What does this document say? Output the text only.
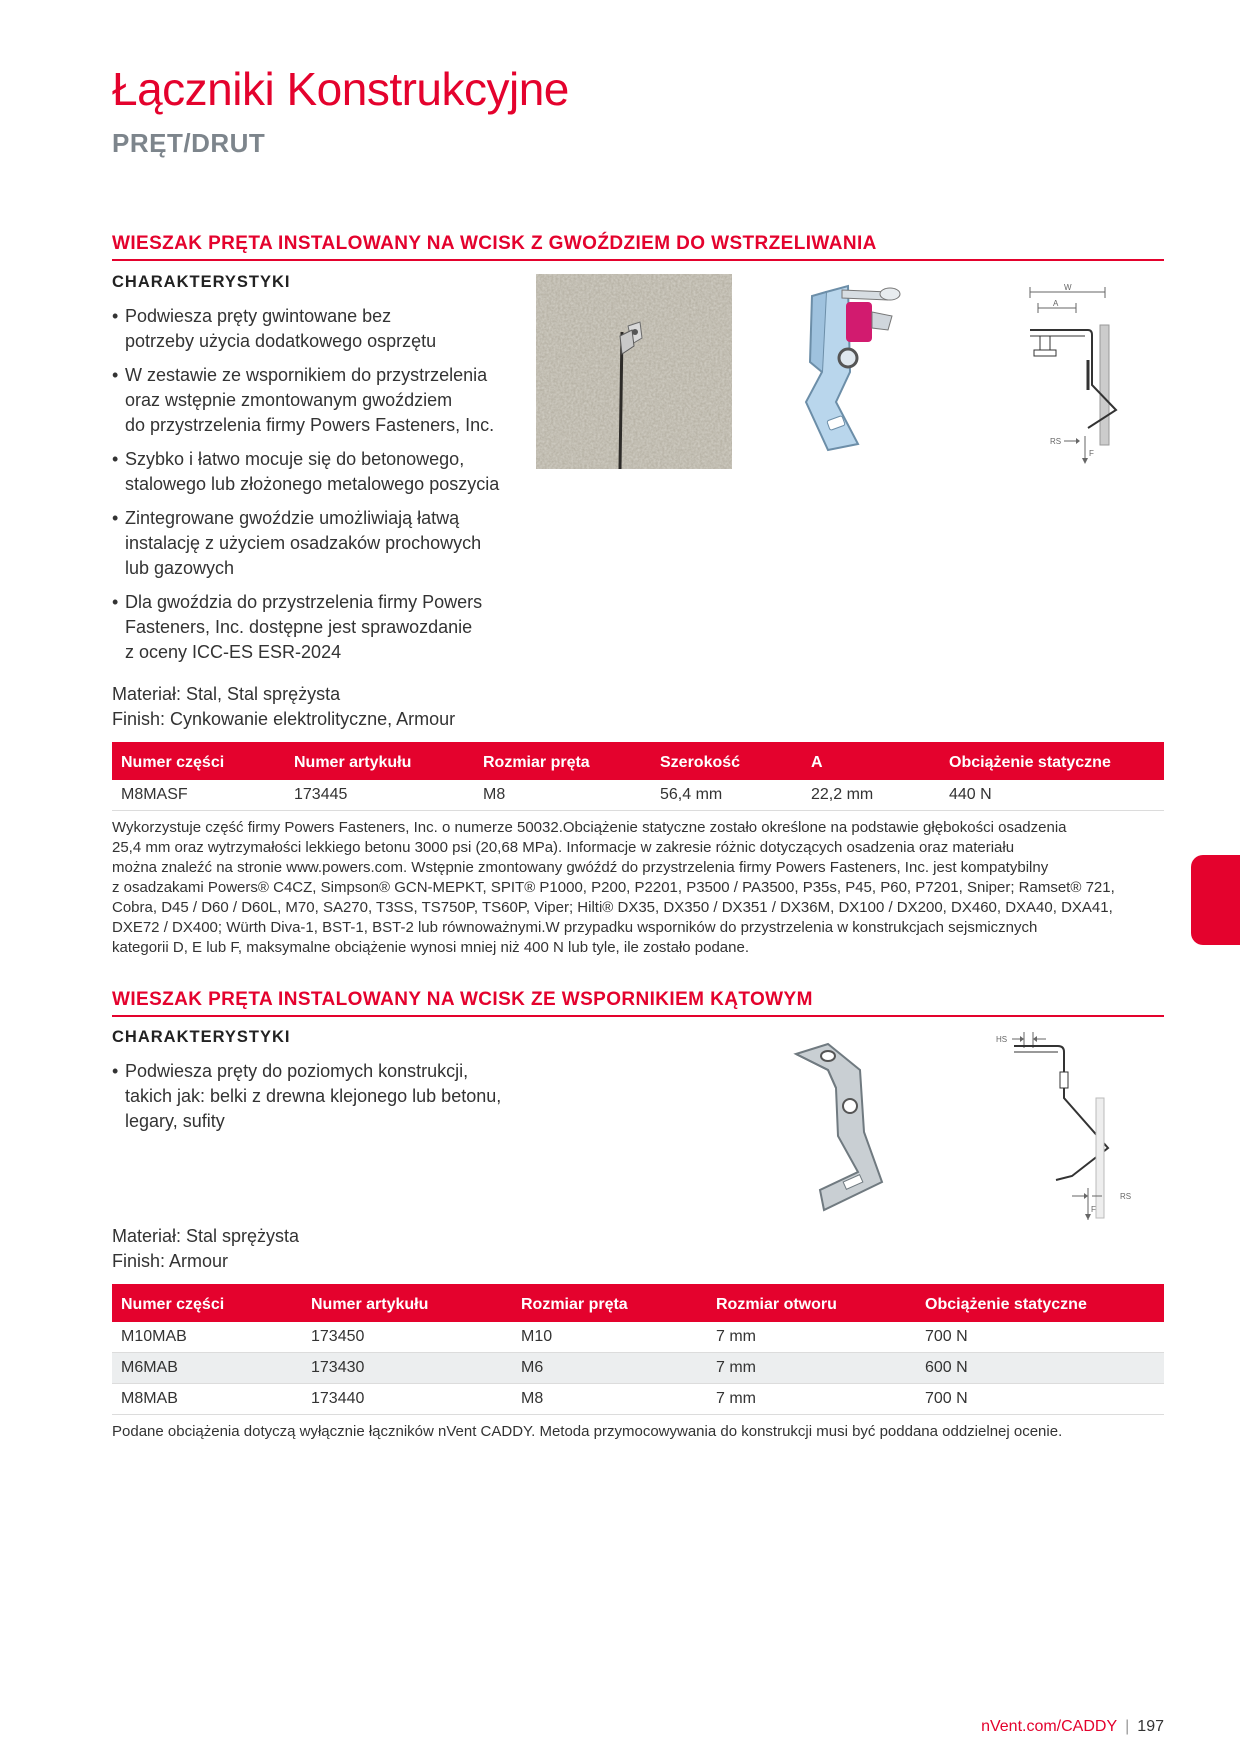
Łączniki Konstrukcyjne
PRĘT/DRUT
WIESZAK PRĘTA INSTALOWANY NA WCISK Z GWOŹDZIEM DO WSTRZELIWANIA
CHARAKTERYSTYKI
• Podwiesza pręty gwintowane bez
potrzeby użycia dodatkowego osprzętu
• W zestawie ze wspornikiem do przystrzelenia
oraz wstępnie zmontowanym gwoździem
do przystrzelenia firmy Powers Fasteners, Inc.
• Szybko i łatwo mocuje się do betonowego,
stalowego lub złożonego metalowego poszycia
• Zintegrowane gwoździe umożliwiają łatwą
instalację z użyciem osadzaków prochowych
lub gazowych
• Dla gwoździa do przystrzelenia firmy Powers
Fasteners, Inc. dostępne jest sprawozdanie
z oceny ICC-ES ESR-2024
W
A
RS
F
Materiał: Stal, Stal sprężysta
Finish: Cynkowanie elektrolityczne, Armour
Numer części	Numer artykułu	Rozmiar pręta	Szerokość	A	Obciążenie statyczne
M8MASF	173445	M8	56,4 mm	22,2 mm	440 N
Wykorzystuje część firmy Powers Fasteners, Inc. o numerze 50032.Obciążenie statyczne zostało określone na podstawie głębokości osadzenia
25,4 mm oraz wytrzymałości lekkiego betonu 3000 psi (20,68 MPa). Informacje w zakresie różnic dotyczących osadzenia oraz materiału
można znaleźć na stronie www.powers.com. Wstępnie zmontowany gwóźdź do przystrzelenia firmy Powers Fasteners, Inc. jest kompatybilny
z osadzakami Powers® C4CZ, Simpson® GCN-MEPKT, SPIT® P1000, P200, P2201, P3500 / PA3500, P35s, P45, P60, P7201, Sniper; Ramset® 721,
Cobra, D45 / D60 / D60L, M70, SA270, T3SS, TS750P, TS60P, Viper; Hilti® DX35, DX350 / DX351 / DX36M, DX100 / DX200, DX460, DXA40, DXA41,
DXE72 / DX400; Würth Diva-1, BST-1, BST-2 lub równoważnymi.W przypadku wsporników do przystrzelenia w konstrukcjach sejsmicznych
kategorii D, E lub F, maksymalne obciążenie wynosi mniej niż 400 N lub tyle, ile zostało podane.
WIESZAK PRĘTA INSTALOWANY NA WCISK ZE WSPORNIKIEM KĄTOWYM
CHARAKTERYSTYKI
• Podwiesza pręty do poziomych konstrukcji,
takich jak: belki z drewna klejonego lub betonu,
legary, sufity
HS
RS
F
Materiał: Stal sprężysta
Finish: Armour
Numer części	Numer artykułu	Rozmiar pręta	Rozmiar otworu	Obciążenie statyczne
M10MAB	173450	M10	7 mm	700 N
M6MAB	173430	M6	7 mm	600 N
M8MAB	173440	M8	7 mm	700 N
Podane obciążenia dotyczą wyłącznie łączników nVent CADDY. Metoda przymocowywania do konstrukcji musi być poddana oddzielnej ocenie.
nVent.com/CADDY | 197
